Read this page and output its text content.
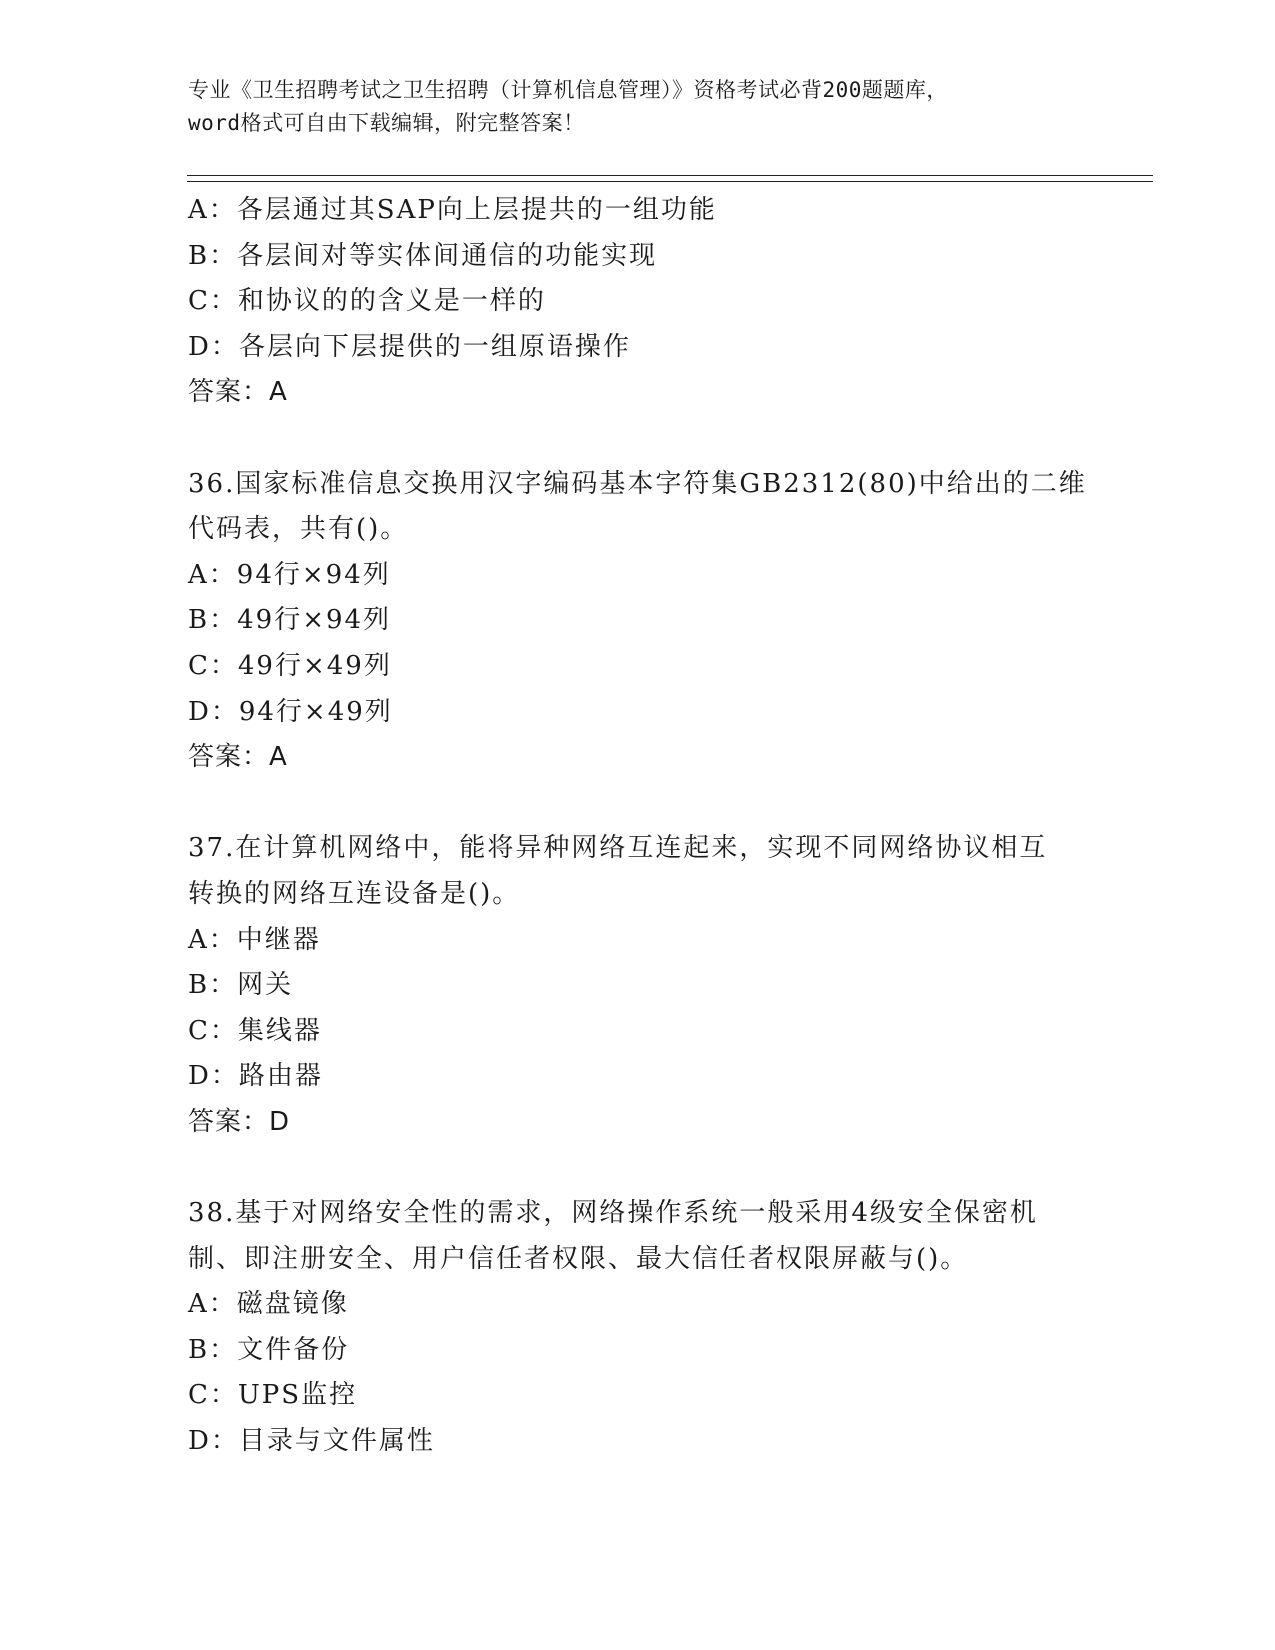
专业《卫生招聘考试之卫生招聘（计算机信息管理）》资格考试必背200题题库，
word格式可自由下载编辑，附完整答案！
A：各层通过其SAP向上层提共的一组功能
B：各层间对等实体间通信的功能实现
C：和协议的的含义是一样的
D：各层向下层提供的一组原语操作
答案：A
36.国家标准信息交换用汉字编码基本字符集GB2312(80)中给出的二维
代码表，共有()。
A：94行×94列
B：49行×94列
C：49行×49列
D：94行×49列
答案：A
37.在计算机网络中，能将异种网络互连起来，实现不同网络协议相互
转换的网络互连设备是()。
A：中继器
B：网关
C：集线器
D：路由器
答案：D
38.基于对网络安全性的需求，网络操作系统一般采用4级安全保密机
制、即注册安全、用户信任者权限、最大信任者权限屏蔽与()。
A：磁盘镜像
B：文件备份
C：UPS监控
D：目录与文件属性
